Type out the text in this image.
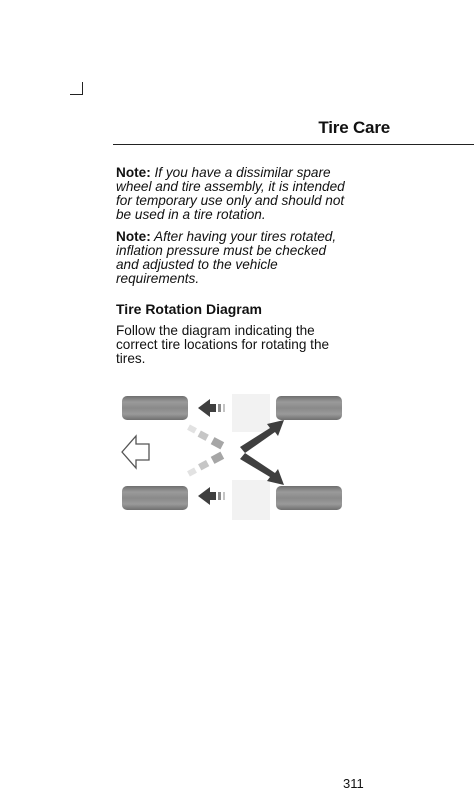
Tire Care

Note: If you have a dissimilar spare wheel and tire assembly, it is intended for temporary use only and should not be used in a tire rotation.

Note: After having your tires rotated, inflation pressure must be checked and adjusted to the vehicle requirements.

Tire Rotation Diagram

Follow the diagram indicating the correct tire locations for rotating the tires.

311
